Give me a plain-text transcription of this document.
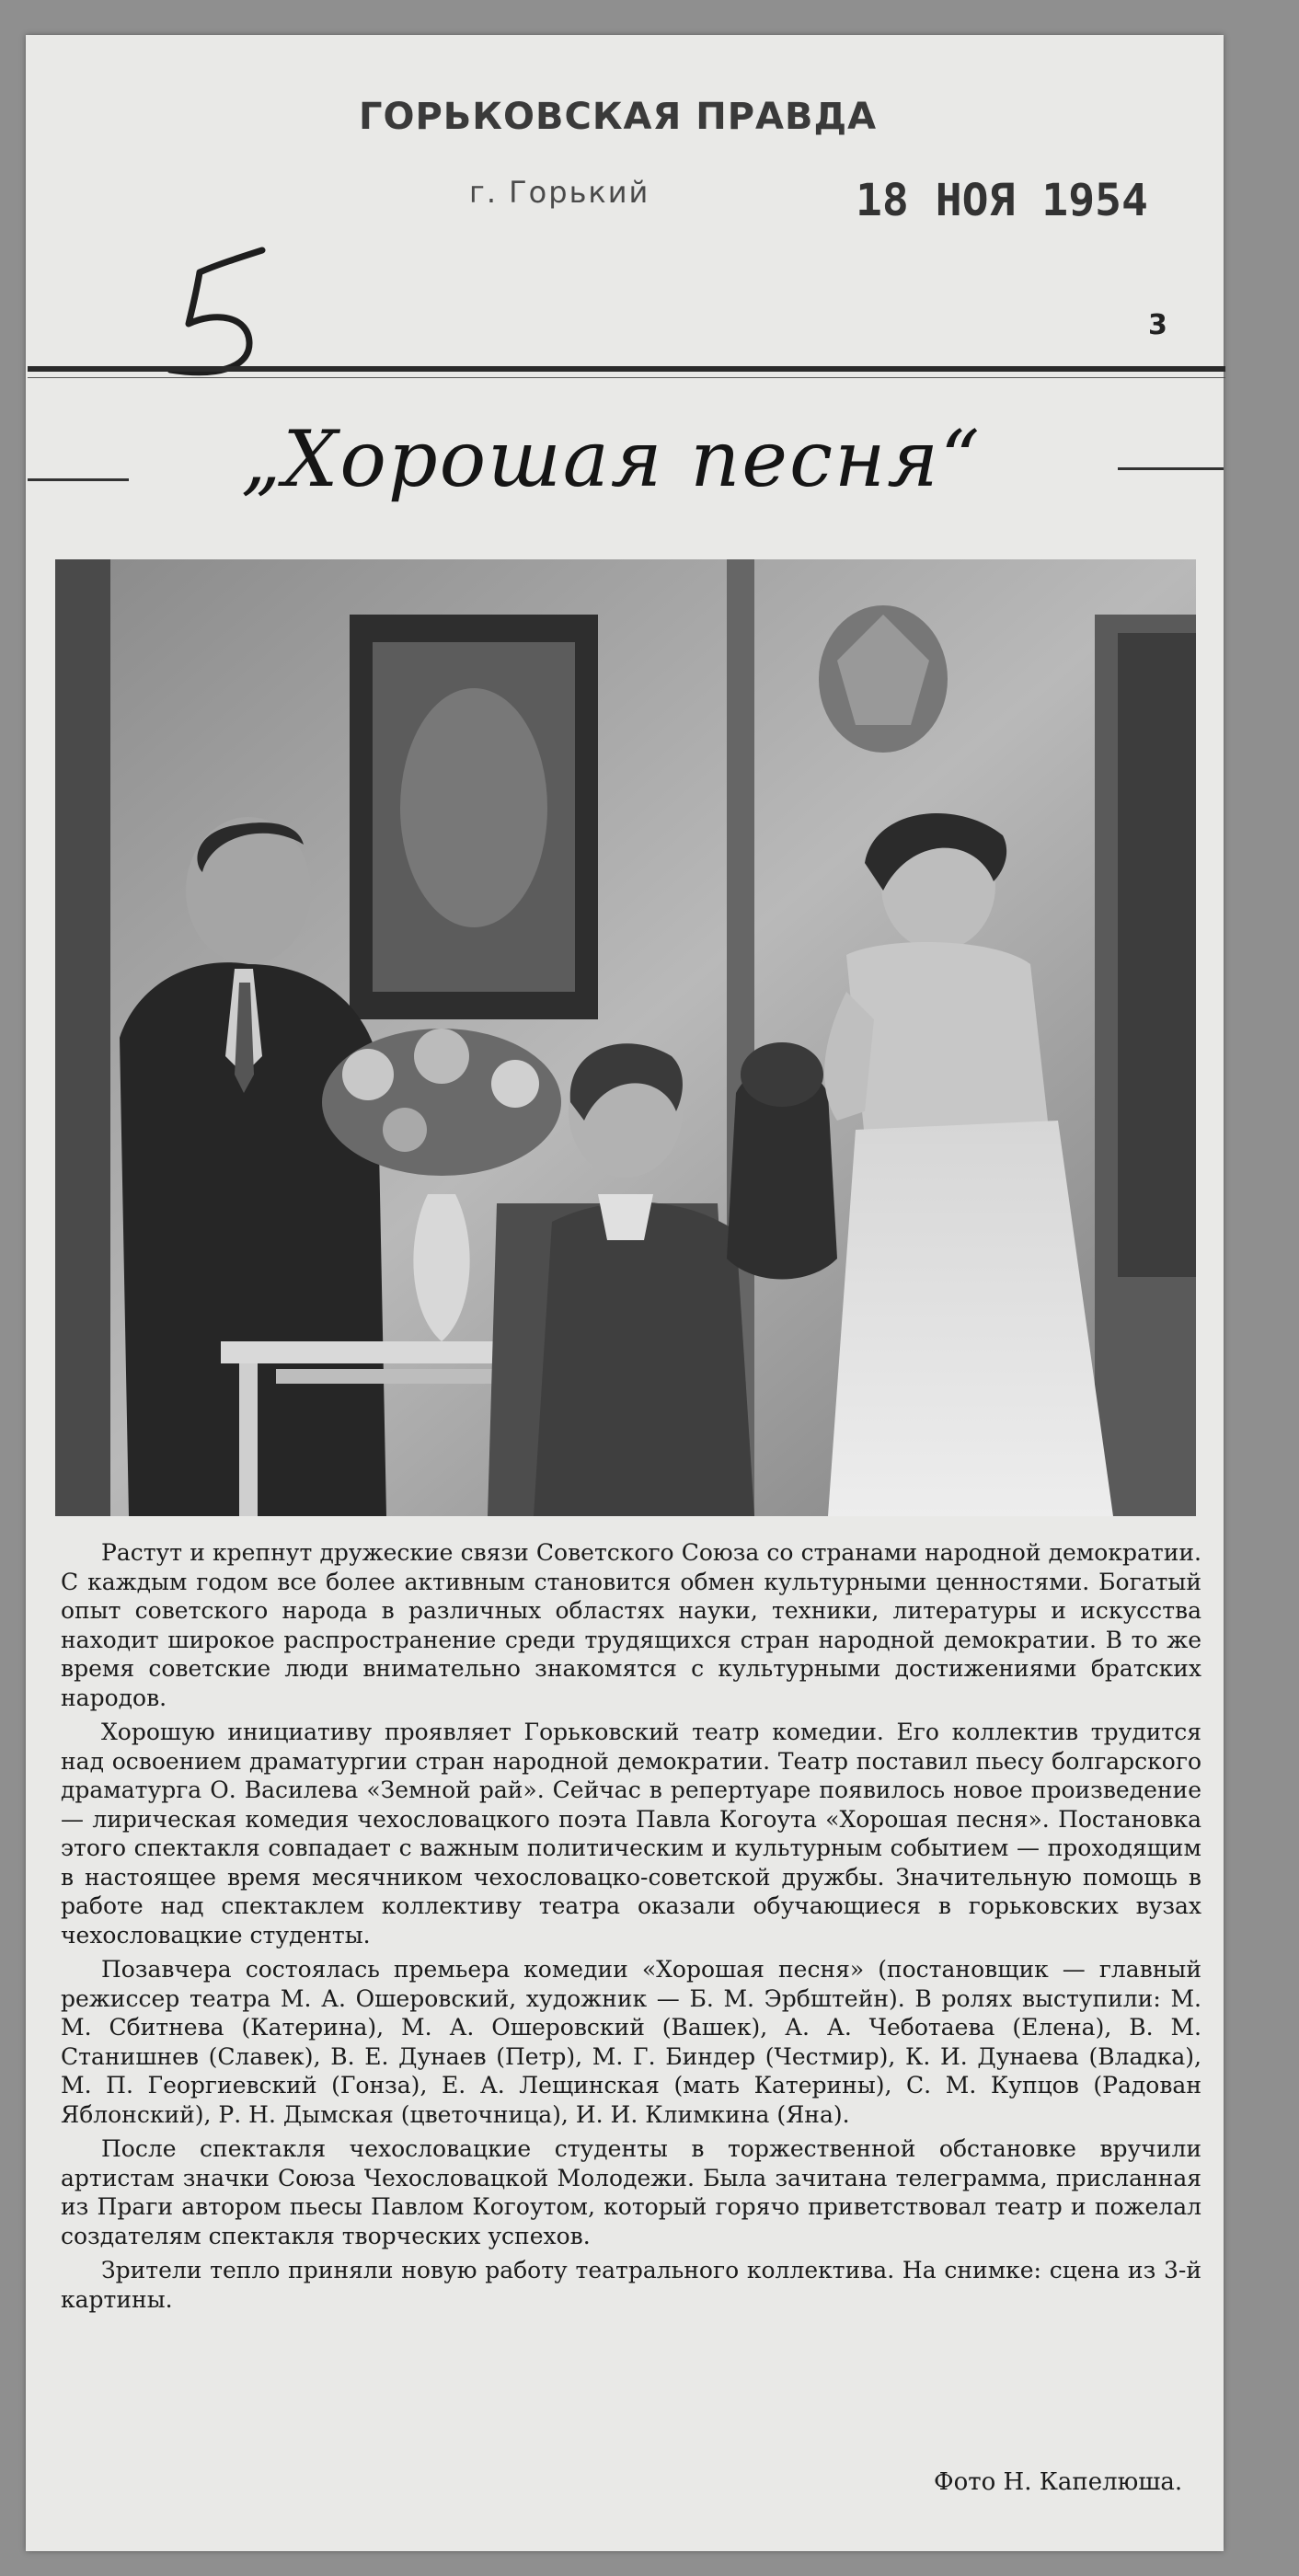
ГОРЬКОВСКАЯ ПРАВДА
г. Горький	18 НОЯ 1954
3
„Хорошая песня“

Растут и крепнут дружеские связи Советского Союза со странами народной демократии. С каждым годом все более активным становится обмен культурными ценностями. Богатый опыт советского народа в различных областях науки, техники, литературы и искусства находит широкое распространение среди трудящихся стран народной демократии. В то же время советские люди внимательно знакомятся с культурными достижениями братских народов.

Хорошую инициативу проявляет Горьковский театр комедии. Его коллектив трудится над освоением драматургии стран народной демократии. Театр поставил пьесу болгарского драматурга О. Василева «Земной рай». Сейчас в репертуаре появилось новое произведение — лирическая комедия чехословацкого поэта Павла Когоута «Хорошая песня». Постановка этого спектакля совпадает с важным политическим и культурным событием — проходящим в настоящее время месячником чехословацко-советской дружбы. Значительную помощь в работе над спектаклем коллективу театра оказали обучающиеся в горьковских вузах чехословацкие студенты.

Позавчера состоялась премьера комедии «Хорошая песня» (постановщик — главный режиссер театра М. А. Ошеровский, художник — Б. М. Эрбштейн). В ролях выступили: М. М. Сбитнева (Катерина), М. А. Ошеровский (Вашек), А. А. Чеботаева (Елена), В. М. Станишнев (Славек), В. Е. Дунаев (Петр), М. Г. Биндер (Честмир), К. И. Дунаева (Владка), М. П. Георгиевский (Гонза), Е. А. Лещинская (мать Катерины), С. М. Купцов (Радован Яблонский), Р. Н. Дымская (цветочница), И. И. Климкина (Яна).

После спектакля чехословацкие студенты в торжественной обстановке вручили артистам значки Союза Чехословацкой Молодежи. Была зачитана телеграмма, присланная из Праги автором пьесы Павлом Когоутом, который горячо приветствовал театр и пожелал создателям спектакля творческих успехов.

Зрители тепло приняли новую работу театрального коллектива. На снимке: сцена из 3-й картины.

Фото Н. Капелюша.
